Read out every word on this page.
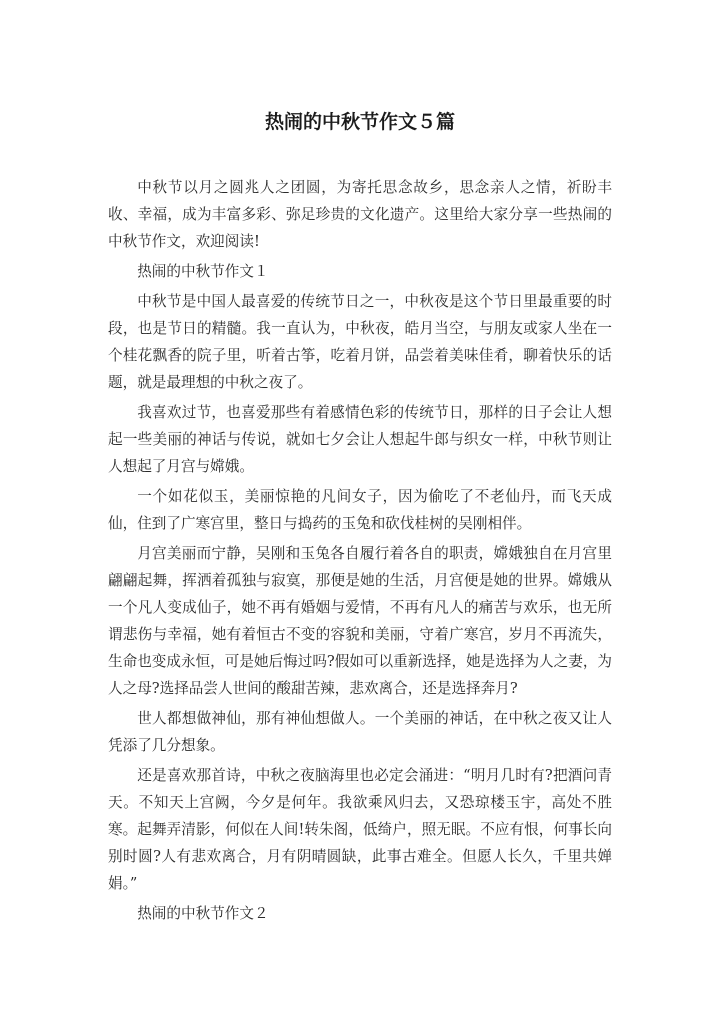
热闹的中秋节作文５篇

中秋节以月之圆兆人之团圆，为寄托思念故乡，思念亲人之情，祈盼丰收、幸福，成为丰富多彩、弥足珍贵的文化遗产。这里给大家分享一些热闹的中秋节作文，欢迎阅读!

热闹的中秋节作文１

中秋节是中国人最喜爱的传统节日之一，中秋夜是这个节日里最重要的时段，也是节日的精髓。我一直认为，中秋夜，皓月当空，与朋友或家人坐在一个桂花飘香的院子里，听着古筝，吃着月饼，品尝着美味佳肴，聊着快乐的话题，就是最理想的中秋之夜了。

我喜欢过节，也喜爱那些有着感情色彩的传统节日，那样的日子会让人想起一些美丽的神话与传说，就如七夕会让人想起牛郎与织女一样，中秋节则让人想起了月宫与嫦娥。

一个如花似玉，美丽惊艳的凡间女子，因为偷吃了不老仙丹，而飞天成仙，住到了广寒宫里，整日与捣药的玉兔和砍伐桂树的吴刚相伴。

月宫美丽而宁静，吴刚和玉兔各自履行着各自的职责，嫦娥独自在月宫里翩翩起舞，挥洒着孤独与寂寞，那便是她的生活，月宫便是她的世界。嫦娥从一个凡人变成仙子，她不再有婚姻与爱情，不再有凡人的痛苦与欢乐，也无所谓悲伤与幸福，她有着恒古不变的容貌和美丽，守着广寒宫，岁月不再流失，生命也变成永恒，可是她后悔过吗?假如可以重新选择，她是选择为人之妻，为人之母?选择品尝人世间的酸甜苦辣，悲欢离合，还是选择奔月?

世人都想做神仙，那有神仙想做人。一个美丽的神话，在中秋之夜又让人凭添了几分想象。

还是喜欢那首诗，中秋之夜脑海里也必定会涌进：“明月几时有?把酒问青天。不知天上宫阙，今夕是何年。我欲乘风归去，又恐琼楼玉宇，高处不胜寒。起舞弄清影，何似在人间!转朱阁，低绮户，照无眠。不应有恨，何事长向别时圆?人有悲欢离合，月有阴晴圆缺，此事古难全。但愿人长久，千里共婵娟。”

热闹的中秋节作文２
